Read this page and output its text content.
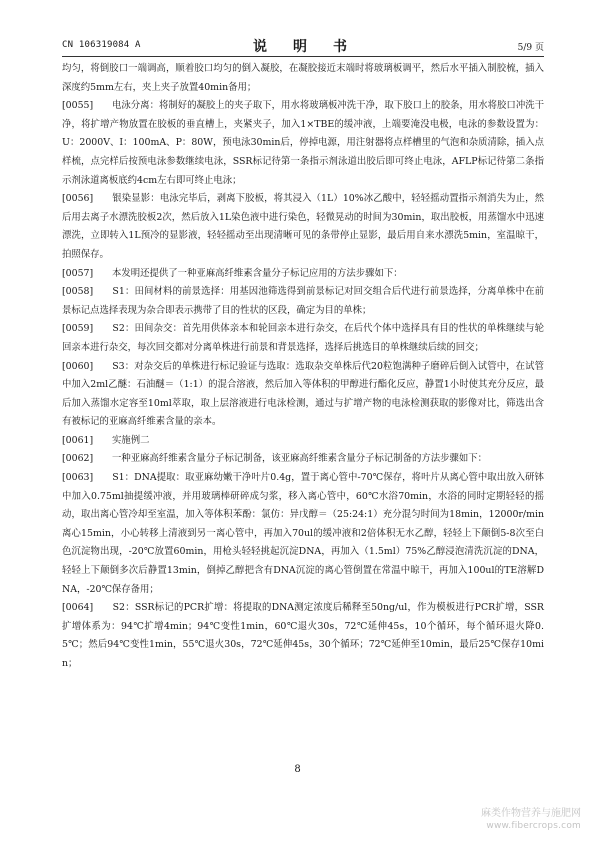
CN 106319084 A	说　明　书	5/9 页

均匀，将倒胶口一端调高，顺着胶口均匀的倒入凝胶，在凝胶接近末端时将玻璃板调平，然后水平插入制胶梳，插入深度约5mm左右，夹上夹子放置40min备用；

[0055]　　 电泳分离：将制好的凝胶上的夹子取下，用水将玻璃板冲洗干净，取下胶口上的胶条，用水将胶口冲洗干净，将扩增产物放置在胶板的垂直槽上，夹紧夹子，加入1×TBE的缓冲液，上端要淹没电极，电泳的参数设置为：U：2000V、I：100mA、P：80W，预电泳30min后，停掉电源，用注射器将点样槽里的气泡和杂质清除，插入点样梳，点完样后按预电泳参数继续电泳，SSR标记待第一条指示剂泳道出胶后即可终止电泳，AFLP标记待第二条指示剂泳道离板底约4cm左右即可终止电泳；

[0056]　　 银染显影：电泳完毕后，剥离下胶板，将其浸入（1L）10%冰乙酸中，轻轻摇动置指示剂消失为止，然后用去离子水漂洗胶板2次，然后放入1L染色液中进行染色，轻微晃动的时间为30min，取出胶板，用蒸馏水中迅速漂洗，立即转入1L预冷的显影液，轻轻摇动至出现清晰可见的条带停止显影，最后用自来水漂洗5min，室温晾干，拍照保存。

[0057]　　 本发明还提供了一种亚麻高纤维素含量分子标记应用的方法步骤如下：

[0058]　　 S1：田间材料的前景选择：用基因池筛选得到前景标记对回交组合后代进行前景选择，分离单株中在前景标记点选择表现为杂合即表示携带了目的性状的区段，确定为目的单株；

[0059]　　 S2：田间杂交：首先用供体亲本和轮回亲本进行杂交，在后代个体中选择具有目的性状的单株继续与轮回亲本进行杂交，每次回交都对分离单株进行前景和背景选择，选择后挑选目的单株继续后续的回交；

[0060]　　 S3：对杂交后的单株进行标记验证与选取：选取杂交单株后代20粒饱满种子磨碎后倒入试管中，在试管中加入2ml乙醚：石油醚＝（1:1）的混合溶液，然后加入等体积的甲醇进行酯化反应，静置1小时使其充分反应，最后加入蒸馏水定容至10ml萃取，取上层溶液进行电泳检测，通过与扩增产物的电泳检测获取的影像对比，筛选出含有被标记的亚麻高纤维素含量的亲本。

[0061]　　 实施例二

[0062]　　 一种亚麻高纤维素含量分子标记制备，该亚麻高纤维素含量分子标记制备的方法步骤如下：

[0063]　　 S1：DNA提取：取亚麻幼嫩干净叶片0.4g，置于离心管中-70℃保存，将叶片从离心管中取出放入研钵中加入0.75ml抽提缓冲液，并用玻璃棒研碎成匀浆，移入离心管中，60℃水浴70min，水浴的同时定期轻轻的摇动，取出离心管冷却至室温，加入等体积苯酚：氯仿：异戊醇＝（25:24:1）充分混匀时间为18min，12000r/min离心15min，小心转移上清液到另一离心管中，再加入70ul的缓冲液和2倍体积无水乙醇，轻轻上下颠倒5-8次至白色沉淀物出现，-20℃放置60min，用枪头轻轻挑起沉淀DNA，再加入（1.5ml）75%乙醇浸泡清洗沉淀的DNA，轻轻上下颠倒多次后静置13min，倒掉乙醇把含有DNA沉淀的离心管倒置在常温中晾干，再加入100ul的TE溶解DNA，-20℃保存备用；

[0064]　　 S2：SSR标记的PCR扩增：将提取的DNA测定浓度后稀释至50ng/ul，作为模板进行PCR扩增，SSR扩增体系为：94℃扩增4min；94℃变性1min，60℃退火30s，72℃延伸45s，10个循环，每个循环退火降0.5℃；然后94℃变性1min，55℃退火30s，72℃延伸45s，30个循环；72℃延伸至10min，最后25℃保存10min；

8
麻类作物营养与施肥网
www.fibercrops.com
